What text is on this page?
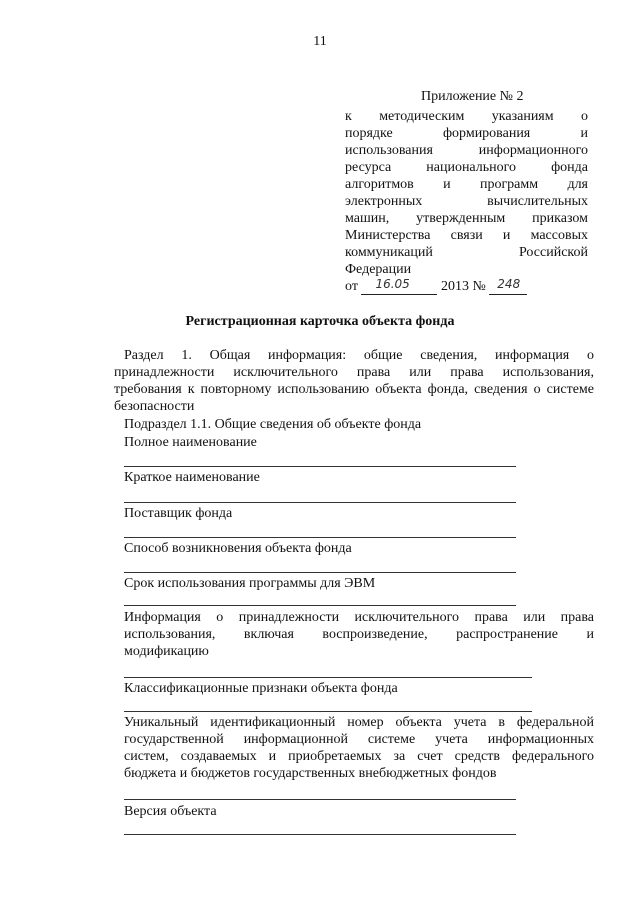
11
Приложение № 2
к методическим указаниям о
порядке формирования и
использования информационного
ресурса национального фонда
алгоритмов и программ для
электронных вычислительных
машин, утвержденным приказом
Министерства связи и массовых
коммуникаций Российской
Федерации
от 16.05 2013 № 248
Регистрационная карточка объекта фонда
Раздел 1. Общая информация: общие сведения, информация о
принадлежности исключительного права или права использования,
требования к повторному использованию объекта фонда, сведения о системе
безопасности
Подраздел 1.1. Общие сведения об объекте фонда
Полное наименование
Краткое наименование
Поставщик фонда
Способ возникновения объекта фонда
Срок использования программы для ЭВМ
Информация о принадлежности исключительного права или права
использования, включая воспроизведение, распространение и
модификацию
Классификационные признаки объекта фонда
Уникальный идентификационный номер объекта учета в федеральной
государственной информационной системе учета информационных
систем, создаваемых и приобретаемых за счет средств федерального
бюджета и бюджетов государственных внебюджетных фондов
Версия объекта
